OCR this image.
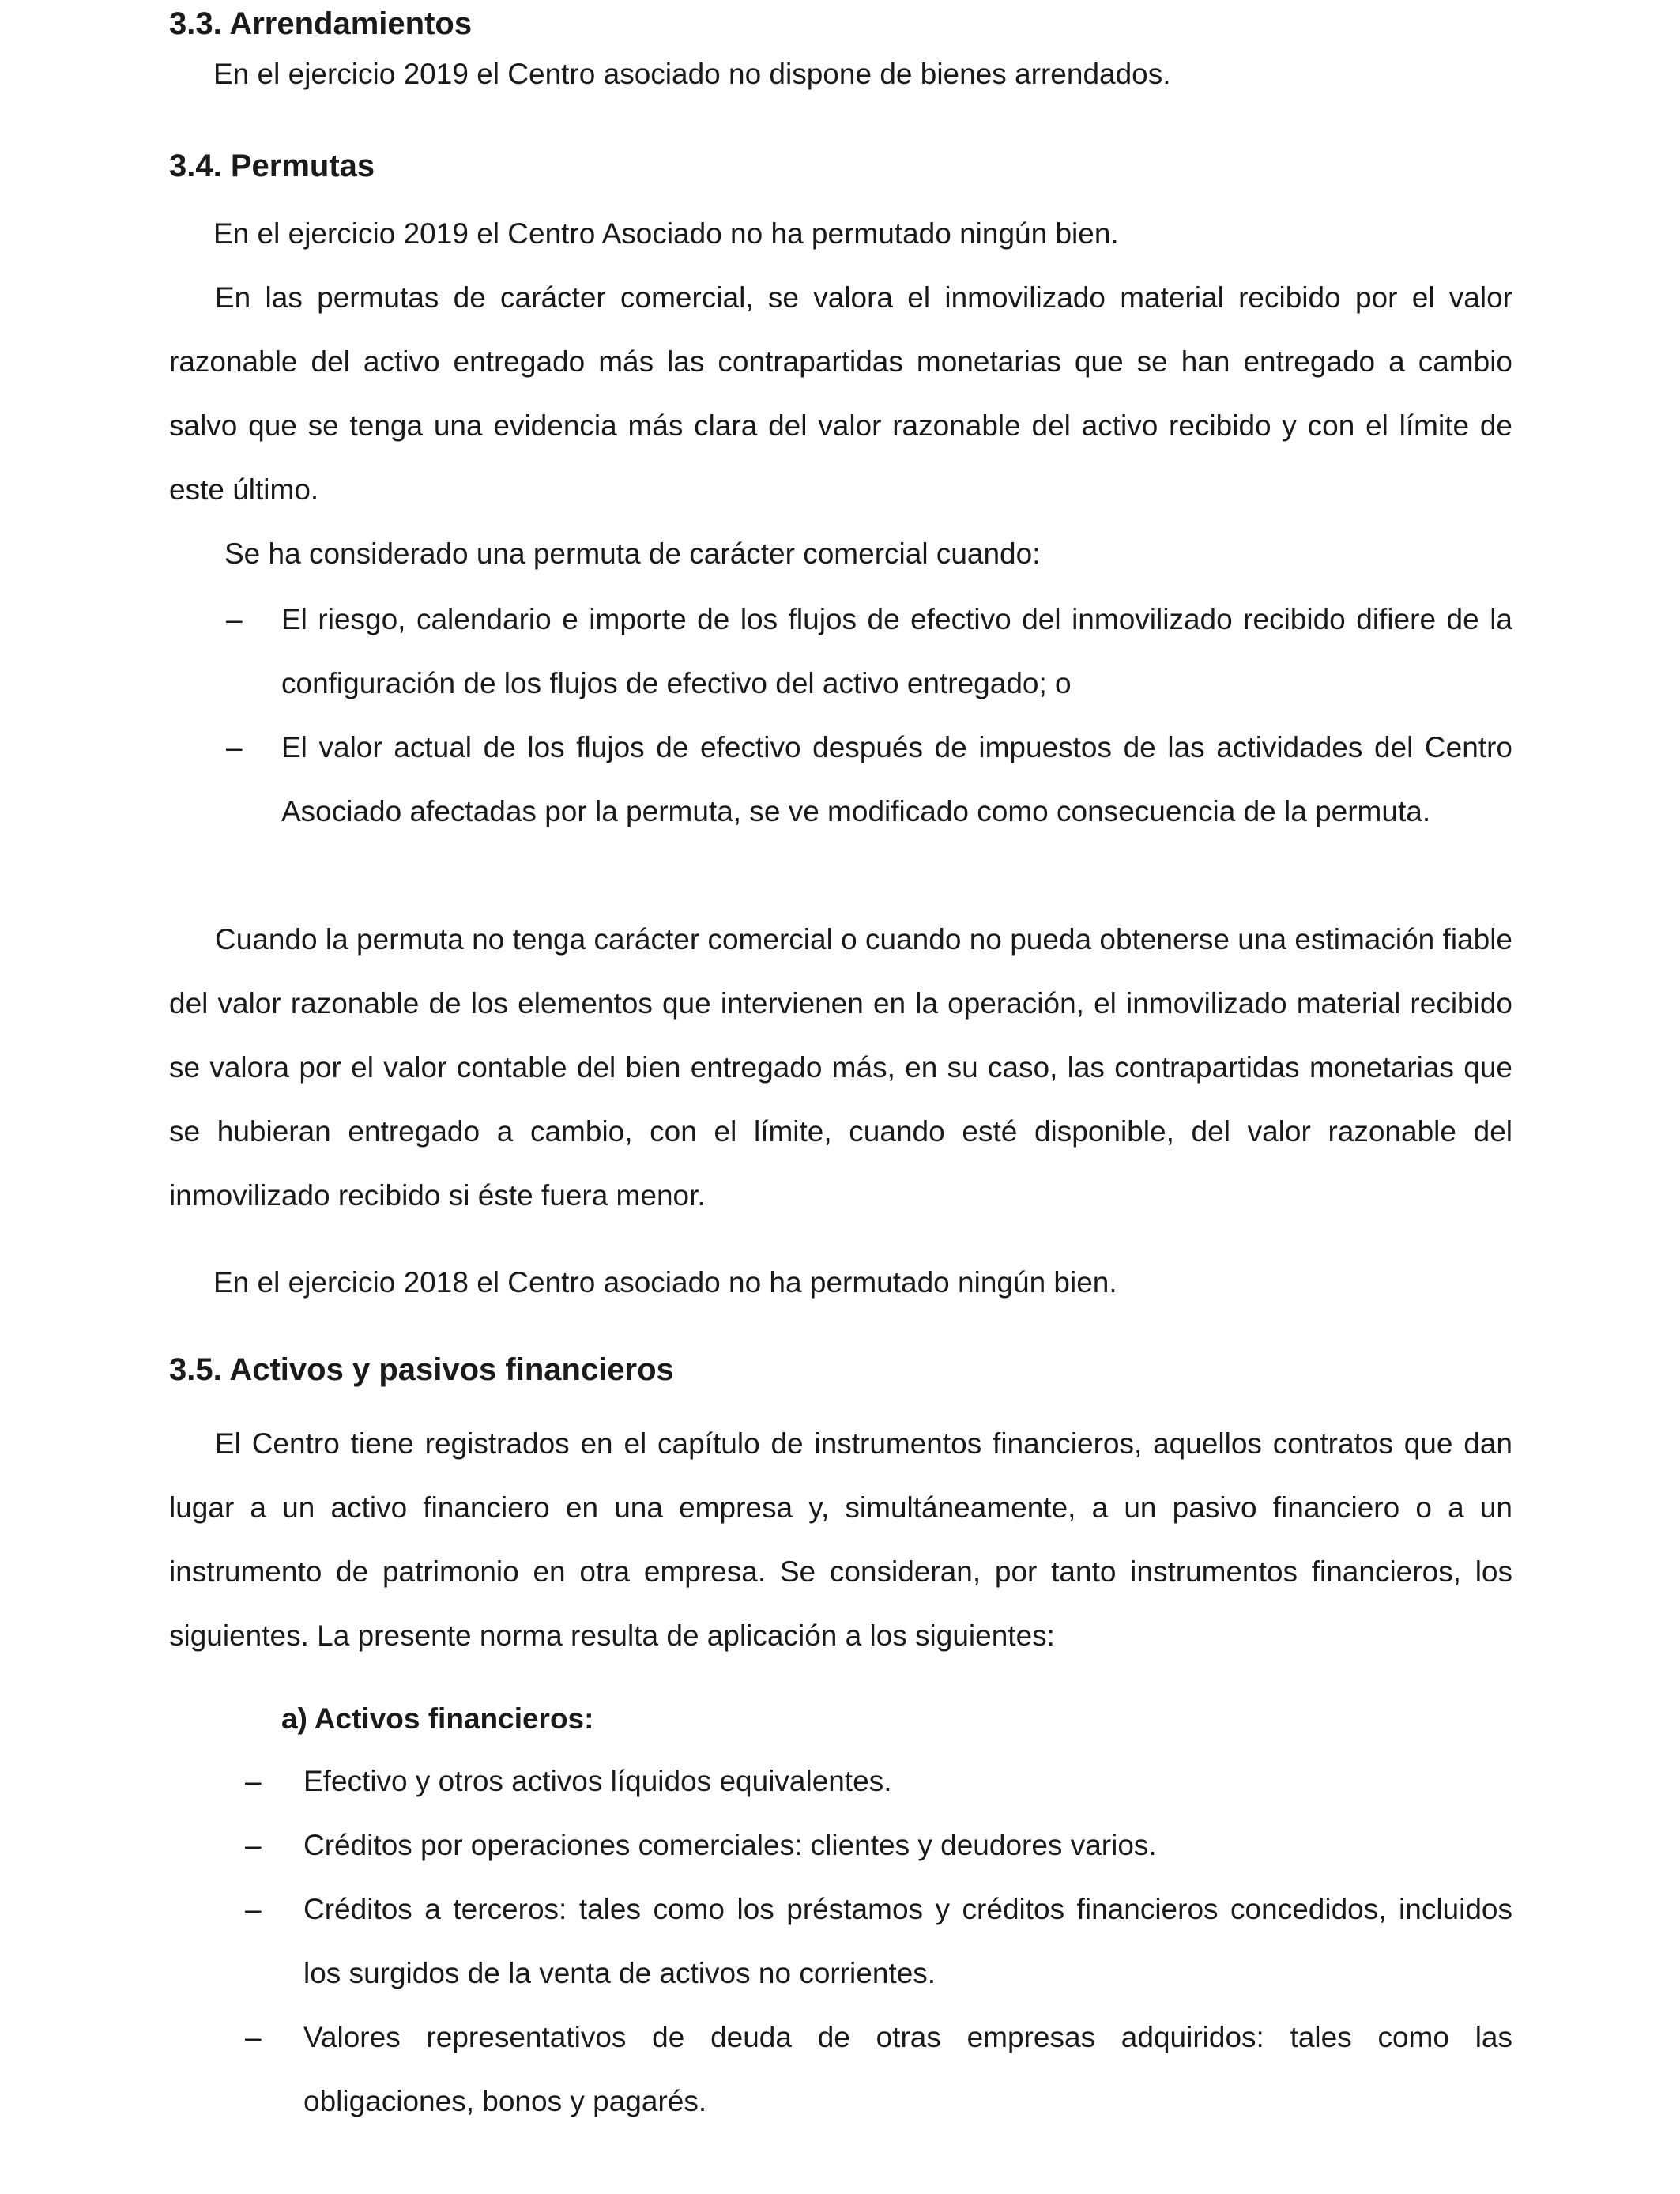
3.3. Arrendamientos
En el ejercicio 2019 el Centro asociado no dispone de bienes arrendados.
3.4. Permutas
En el ejercicio 2019 el Centro Asociado no ha permutado ningún bien.
En las permutas de carácter comercial, se valora el inmovilizado material recibido por el valor razonable del activo entregado más las contrapartidas monetarias que se han entregado a cambio salvo que se tenga una evidencia más clara del valor razonable del activo recibido y con el límite de este último.
Se ha considerado una permuta de carácter comercial cuando:
– El riesgo, calendario e importe de los flujos de efectivo del inmovilizado recibido difiere de la configuración de los flujos de efectivo del activo entregado; o
– El valor actual de los flujos de efectivo después de impuestos de las actividades del Centro Asociado afectadas por la permuta, se ve modificado como consecuencia de la permuta.
Cuando la permuta no tenga carácter comercial o cuando no pueda obtenerse una estimación fiable del valor razonable de los elementos que intervienen en la operación, el inmovilizado material recibido se valora por el valor contable del bien entregado más, en su caso, las contrapartidas monetarias que se hubieran entregado a cambio, con el límite, cuando esté disponible, del valor razonable del inmovilizado recibido si éste fuera menor.
En el ejercicio 2018 el Centro asociado no ha permutado ningún bien.
3.5. Activos y pasivos financieros
El Centro tiene registrados en el capítulo de instrumentos financieros, aquellos contratos que dan lugar a un activo financiero en una empresa y, simultáneamente, a un pasivo financiero o a un instrumento de patrimonio en otra empresa. Se consideran, por tanto instrumentos financieros, los siguientes. La presente norma resulta de aplicación a los siguientes:
a) Activos financieros:
– Efectivo y otros activos líquidos equivalentes.
– Créditos por operaciones comerciales: clientes y deudores varios.
– Créditos a terceros: tales como los préstamos y créditos financieros concedidos, incluidos los surgidos de la venta de activos no corrientes.
– Valores representativos de deuda de otras empresas adquiridos: tales como las obligaciones, bonos y pagarés.
